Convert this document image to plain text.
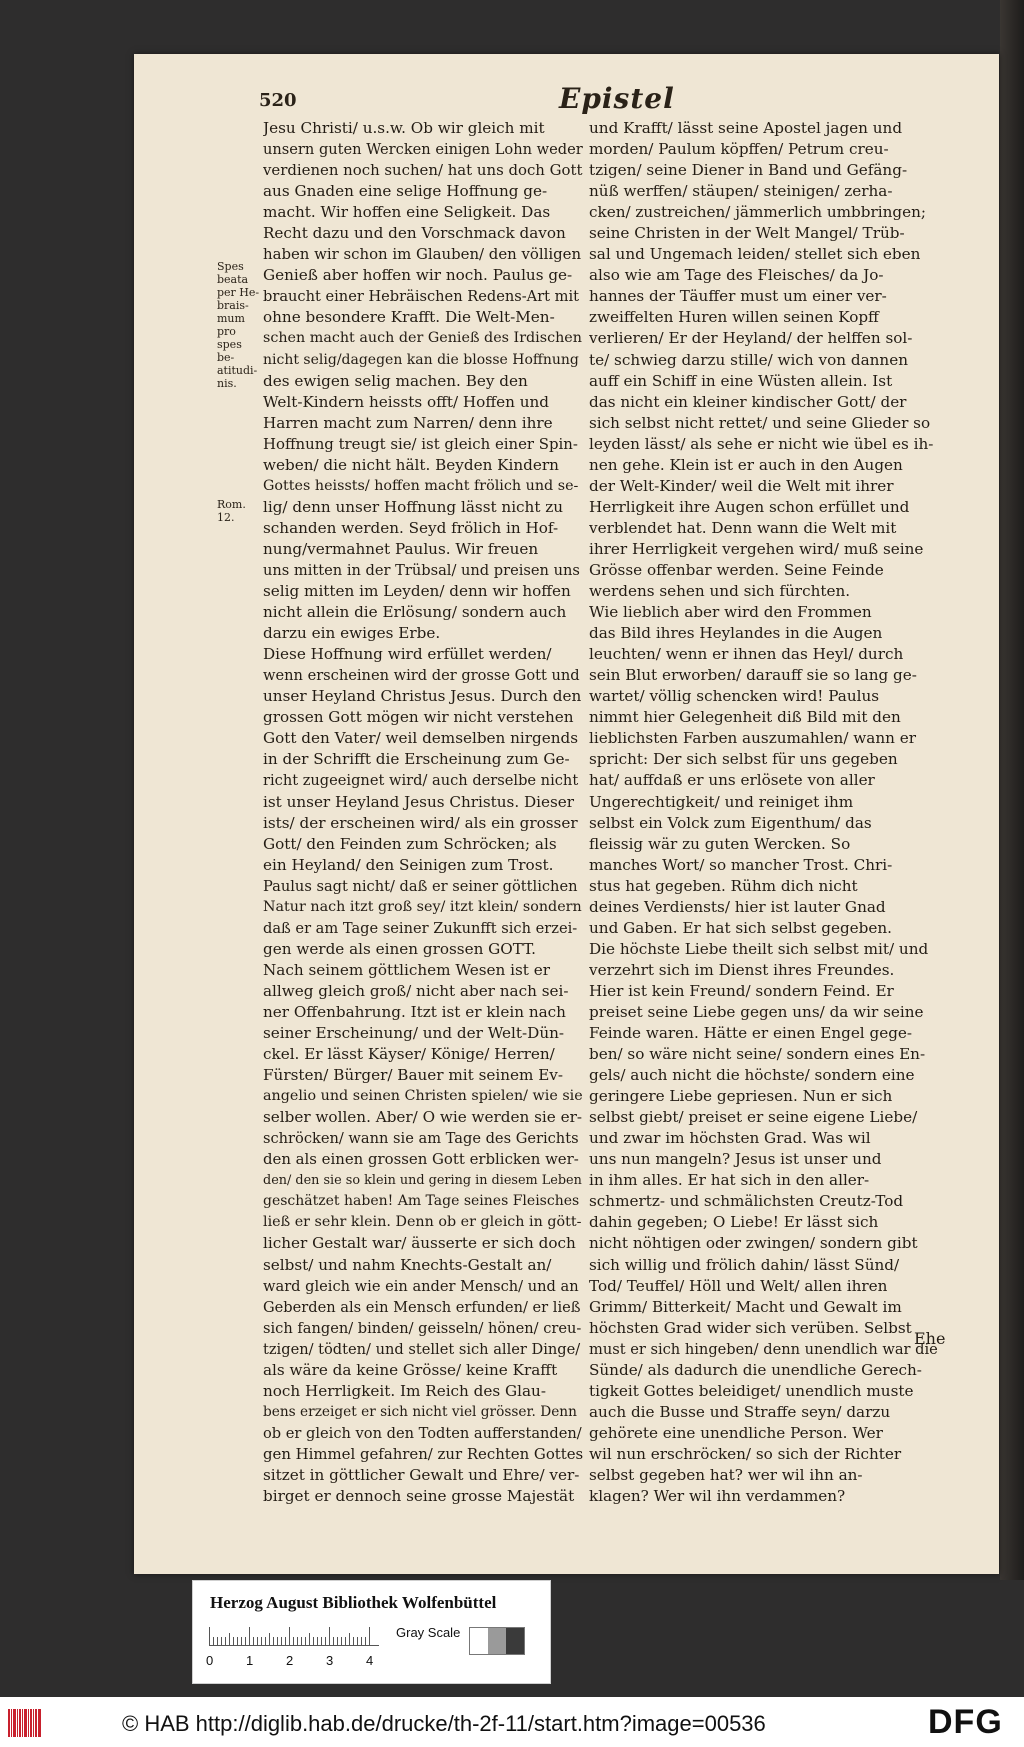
520	Epistel
Spes
beata
per He-
brais-
mum
pro
spes be-
atitudi-
nis.
Rom.
12.
Jesu Christi/ u.s.w. Ob wir gleich mit
unsern guten Wercken einigen Lohn weder
verdienen noch suchen/ hat uns doch Gott
aus Gnaden eine selige Hoffnung ge-
macht. Wir hoffen eine Seligkeit. Das
Recht dazu und den Vorschmack davon
haben wir schon im Glauben/ den völligen
Genieß aber hoffen wir noch. Paulus ge-
braucht einer Hebräischen Redens-Art mit
ohne besondere Krafft. Die Welt-Men-
schen macht auch der Genieß des Irdischen
nicht selig/dagegen kan die blosse Hoffnung
des ewigen selig machen. Bey den
Welt-Kindern heissts offt/ Hoffen und
Harren macht zum Narren/ denn ihre
Hoffnung treugt sie/ ist gleich einer Spin-
weben/ die nicht hält. Beyden Kindern
Gottes heissts/ hoffen macht frölich und se-
lig/ denn unser Hoffnung lässt nicht zu
schanden werden. Seyd frölich in Hof-
nung/vermahnet Paulus. Wir freuen
uns mitten in der Trübsal/ und preisen uns
selig mitten im Leyden/ denn wir hoffen
nicht allein die Erlösung/ sondern auch
darzu ein ewiges Erbe.
Diese Hoffnung wird erfüllet werden/
wenn erscheinen wird der grosse Gott und
unser Heyland Christus Jesus. Durch den
grossen Gott mögen wir nicht verstehen
Gott den Vater/ weil demselben nirgends
in der Schrifft die Erscheinung zum Ge-
richt zugeeignet wird/ auch derselbe nicht
ist unser Heyland Jesus Christus. Dieser
ists/ der erscheinen wird/ als ein grosser
Gott/ den Feinden zum Schröcken; als
ein Heyland/ den Seinigen zum Trost.
Paulus sagt nicht/ daß er seiner göttlichen
Natur nach itzt groß sey/ itzt klein/ sondern
daß er am Tage seiner Zukunfft sich erzei-
gen werde als einen grossen GOTT.
Nach seinem göttlichem Wesen ist er
allweg gleich groß/ nicht aber nach sei-
ner Offenbahrung. Itzt ist er klein nach
seiner Erscheinung/ und der Welt-Dün-
ckel. Er lässt Käyser/ Könige/ Herren/
Fürsten/ Bürger/ Bauer mit seinem Ev-
angelio und seinen Christen spielen/ wie sie
selber wollen. Aber/ O wie werden sie er-
schröcken/ wann sie am Tage des Gerichts
den als einen grossen Gott erblicken wer-
den/ den sie so klein und gering in diesem Leben
geschätzet haben! Am Tage seines Fleisches
ließ er sehr klein. Denn ob er gleich in gött-
licher Gestalt war/ äusserte er sich doch
selbst/ und nahm Knechts-Gestalt an/
ward gleich wie ein ander Mensch/ und an
Geberden als ein Mensch erfunden/ er ließ
sich fangen/ binden/ geisseln/ hönen/ creu-
tzigen/ tödten/ und stellet sich aller Dinge/
als wäre da keine Grösse/ keine Krafft
noch Herrligkeit. Im Reich des Glau-
bens erzeiget er sich nicht viel grösser. Denn
ob er gleich von den Todten aufferstanden/
gen Himmel gefahren/ zur Rechten Gottes
sitzet in göttlicher Gewalt und Ehre/ ver-
birget er dennoch seine grosse Majestät
und Krafft/ lässt seine Apostel jagen und
morden/ Paulum köpffen/ Petrum creu-
tzigen/ seine Diener in Band und Gefäng-
nüß werffen/ stäupen/ steinigen/ zerha-
cken/ zustreichen/ jämmerlich umbbringen;
seine Christen in der Welt Mangel/ Trüb-
sal und Ungemach leiden/ stellet sich eben
also wie am Tage des Fleisches/ da Jo-
hannes der Täuffer must um einer ver-
zweiffelten Huren willen seinen Kopff
verlieren/ Er der Heyland/ der helffen sol-
te/ schwieg darzu stille/ wich von dannen
auff ein Schiff in eine Wüsten allein. Ist
das nicht ein kleiner kindischer Gott/ der
sich selbst nicht rettet/ und seine Glieder so
leyden lässt/ als sehe er nicht wie übel es ih-
nen gehe. Klein ist er auch in den Augen
der Welt-Kinder/ weil die Welt mit ihrer
Herrligkeit ihre Augen schon erfüllet und
verblendet hat. Denn wann die Welt mit
ihrer Herrligkeit vergehen wird/ muß seine
Grösse offenbar werden. Seine Feinde
werdens sehen und sich fürchten.
Wie lieblich aber wird den Frommen
das Bild ihres Heylandes in die Augen
leuchten/ wenn er ihnen das Heyl/ durch
sein Blut erworben/ darauff sie so lang ge-
wartet/ völlig schencken wird! Paulus
nimmt hier Gelegenheit diß Bild mit den
lieblichsten Farben auszumahlen/ wann er
spricht: Der sich selbst für uns gegeben
hat/ auffdaß er uns erlösete von aller
Ungerechtigkeit/ und reiniget ihm
selbst ein Volck zum Eigenthum/ das
fleissig wär zu guten Wercken. So
manches Wort/ so mancher Trost. Chri-
stus hat gegeben. Rühm dich nicht
deines Verdiensts/ hier ist lauter Gnad
und Gaben. Er hat sich selbst gegeben.
Die höchste Liebe theilt sich selbst mit/ und
verzehrt sich im Dienst ihres Freundes.
Hier ist kein Freund/ sondern Feind. Er
preiset seine Liebe gegen uns/ da wir seine
Feinde waren. Hätte er einen Engel gege-
ben/ so wäre nicht seine/ sondern eines En-
gels/ auch nicht die höchste/ sondern eine
geringere Liebe gepriesen. Nun er sich
selbst giebt/ preiset er seine eigene Liebe/
und zwar im höchsten Grad. Was wil
uns nun mangeln? Jesus ist unser und
in ihm alles. Er hat sich in den aller-
schmertz- und schmälichsten Creutz-Tod
dahin gegeben; O Liebe! Er lässt sich
nicht nöhtigen oder zwingen/ sondern gibt
sich willig und frölich dahin/ lässt Sünd/
Tod/ Teuffel/ Höll und Welt/ allen ihren
Grimm/ Bitterkeit/ Macht und Gewalt im
höchsten Grad wider sich verüben. Selbst
must er sich hingeben/ denn unendlich war die
Sünde/ als dadurch die unendliche Gerech-
tigkeit Gottes beleidiget/ unendlich muste
auch die Busse und Straffe seyn/ darzu
gehörete eine unendliche Person. Wer
wil nun erschröcken/ so sich der Richter
selbst gegeben hat? wer wil ihn an-
klagen? Wer wil ihn verdammen?
Ehe
Herzog August Bibliothek Wolfenbüttel
0	1	2	3	4
Gray Scale
© HAB http://diglib.hab.de/drucke/th-2f-11/start.htm?image=00536	DFG
